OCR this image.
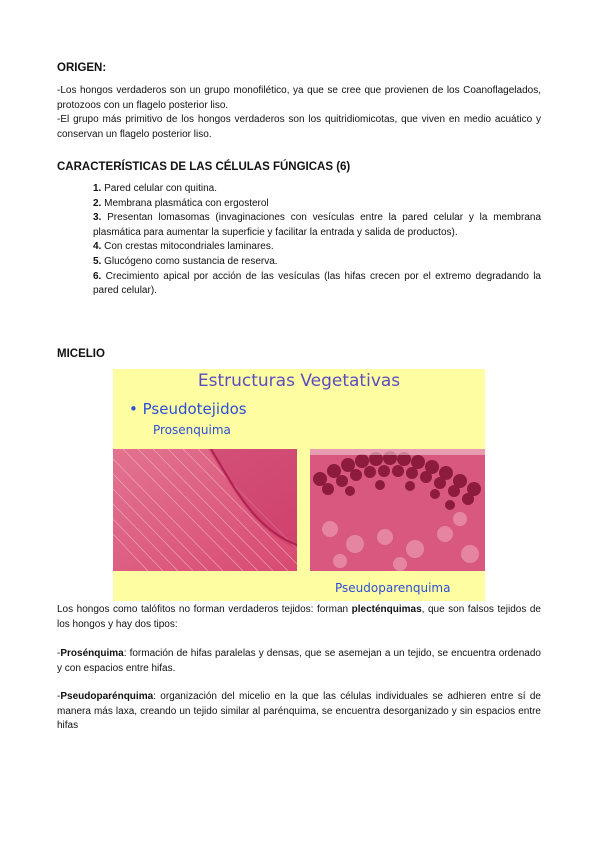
ORIGEN:
-Los hongos verdaderos son un grupo monofilético, ya que se cree que provienen de los Coanoflagelados, protozoos con un flagelo posterior liso.
-El grupo más primitivo de los hongos verdaderos son los quitridiomicotas, que viven en medio acuático y conservan un flagelo posterior liso.
CARACTERÍSTICAS DE LAS CÉLULAS FÚNGICAS (6)
1. Pared celular con quitina.
2. Membrana plasmática con ergosterol
3. Presentan lomasomas (invaginaciones con vesículas entre la pared celular y la membrana plasmática para aumentar la superficie y facilitar la entrada y salida de productos).
4. Con crestas mitocondriales laminares.
5. Glucógeno como sustancia de reserva.
6. Crecimiento apical por acción de las vesículas (las hifas crecen por el extremo degradando la pared celular).
MICELIO
Estructuras Vegetativas
• Pseudotejidos
Prosenquima
Pseudoparenquima
Los hongos como talófitos no forman verdaderos tejidos: forman plecténquimas, que son falsos tejidos de los hongos y hay dos tipos:
-Prosénquima: formación de hifas paralelas y densas, que se asemejan a un tejido, se encuentra ordenado y con espacios entre hifas.
-Pseudoparénquima: organización del micelio en la que las células individuales se adhieren entre sí de manera más laxa, creando un tejido similar al parénquima, se encuentra desorganizado y sin espacios entre hifas
